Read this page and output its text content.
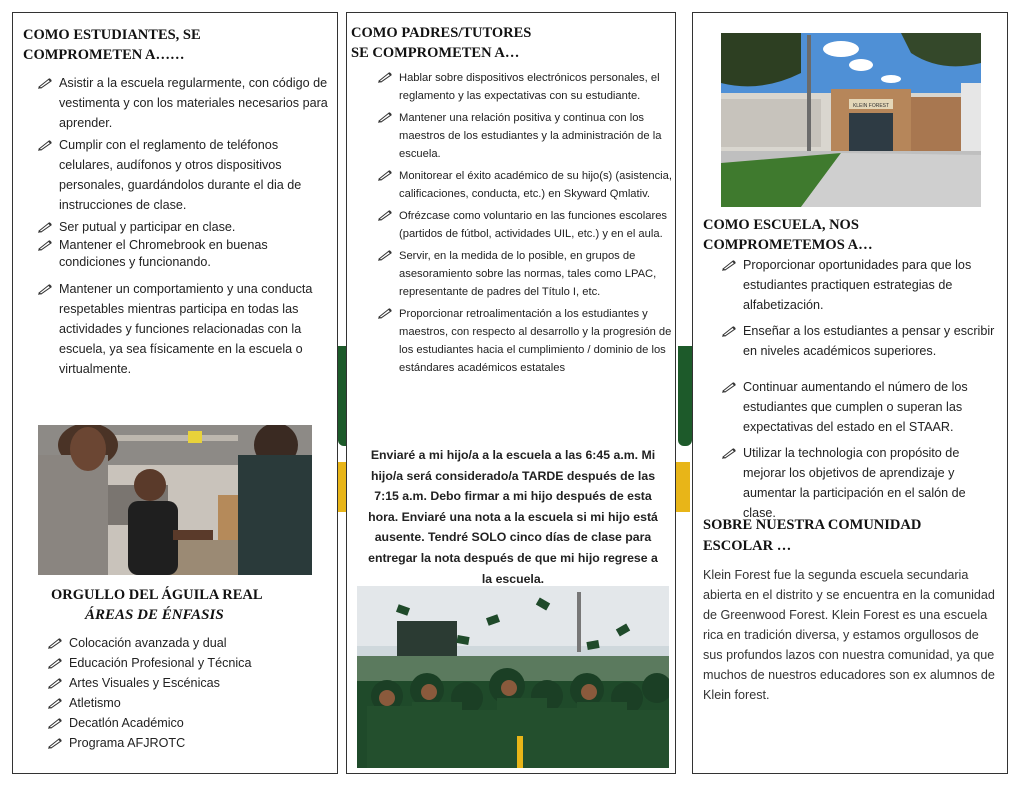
COMO ESTUDIANTES, SE
COMPROMETEN A……
Asistir a la escuela regularmente, con código de vestimenta y con los materiales necesarios para aprender.
Cumplir con el reglamento de teléfonos celulares, audífonos y otros dispositivos personales, guardándolos durante el dia de instrucciones de clase.
Ser putual y participar en clase.
Mantener el Chromebrook en buenas condiciones y funcionando.
Mantener un comportamiento y una conducta respetables mientras participa en todas las actividades y funciones relacionadas con la escuela, ya sea físicamente en la escuela o virtualmente.
ORGULLO DEL ÁGUILA REAL
ÁREAS DE ÉNFASIS
Colocación avanzada y dual
Educación Profesional y Técnica
Artes Visuales y Escénicas
Atletismo
Decatlón Académico
Programa AFJROTC
COMO PADRES/TUTORES
SE COMPROMETEN A…
Hablar sobre dispositivos electrónicos personales, el reglamento y las expectativas con su estudiante.
Mantener una relación positiva y continua con los maestros de los estudiantes y la administración de la escuela.
Monitorear el éxito académico de su hijo(s) (asistencia, calificaciones, conducta, etc.) en Skyward Qmlativ.
Ofrézcase como voluntario en las funciones escolares (partidos de fútbol, actividades UIL, etc.) y en el aula.
Servir, en la medida de lo posible, en grupos de asesoramiento sobre las normas, tales como LPAC, representante de padres del Título I, etc.
Proporcionar retroalimentación a los estudiantes y maestros, con respecto al desarrollo y la progresión de los estudiantes hacia el cumplimiento / dominio de los estándares académicos estatales
Enviaré a mi hijo/a a la escuela a las 6:45 a.m. Mi hijo/a será considerado/a TARDE después de las 7:15 a.m. Debo firmar a mi hijo después de esta hora. Enviaré una nota a la escuela si mi hijo está ausente. Tendré SOLO cinco días de clase para entregar la nota después de que mi hijo regrese a la escuela.
KLEIN FOREST
COMO ESCUELA, NOS
COMPROMETEMOS A…
Proporcionar oportunidades para que los estudiantes practiquen estrategias de alfabetización.
Enseñar a los estudiantes a pensar y escribir en niveles académicos superiores.
Continuar aumentando el número de los estudiantes que cumplen o superan las expectativas del estado en el STAAR.
Utilizar la technologia con propósito de mejorar los objetivos de aprendizaje y aumentar la participación en el salón de clase.
SOBRE NUESTRA COMUNIDAD
ESCOLAR …
Klein Forest fue la segunda escuela secundaria abierta en el distrito y se encuentra en la comunidad de Greenwood Forest. Klein Forest es una escuela rica en tradición diversa, y estamos orgullosos de sus profundos lazos con nuestra comunidad, ya que muchos de nuestros educadores son ex alumnos de Klein forest.
